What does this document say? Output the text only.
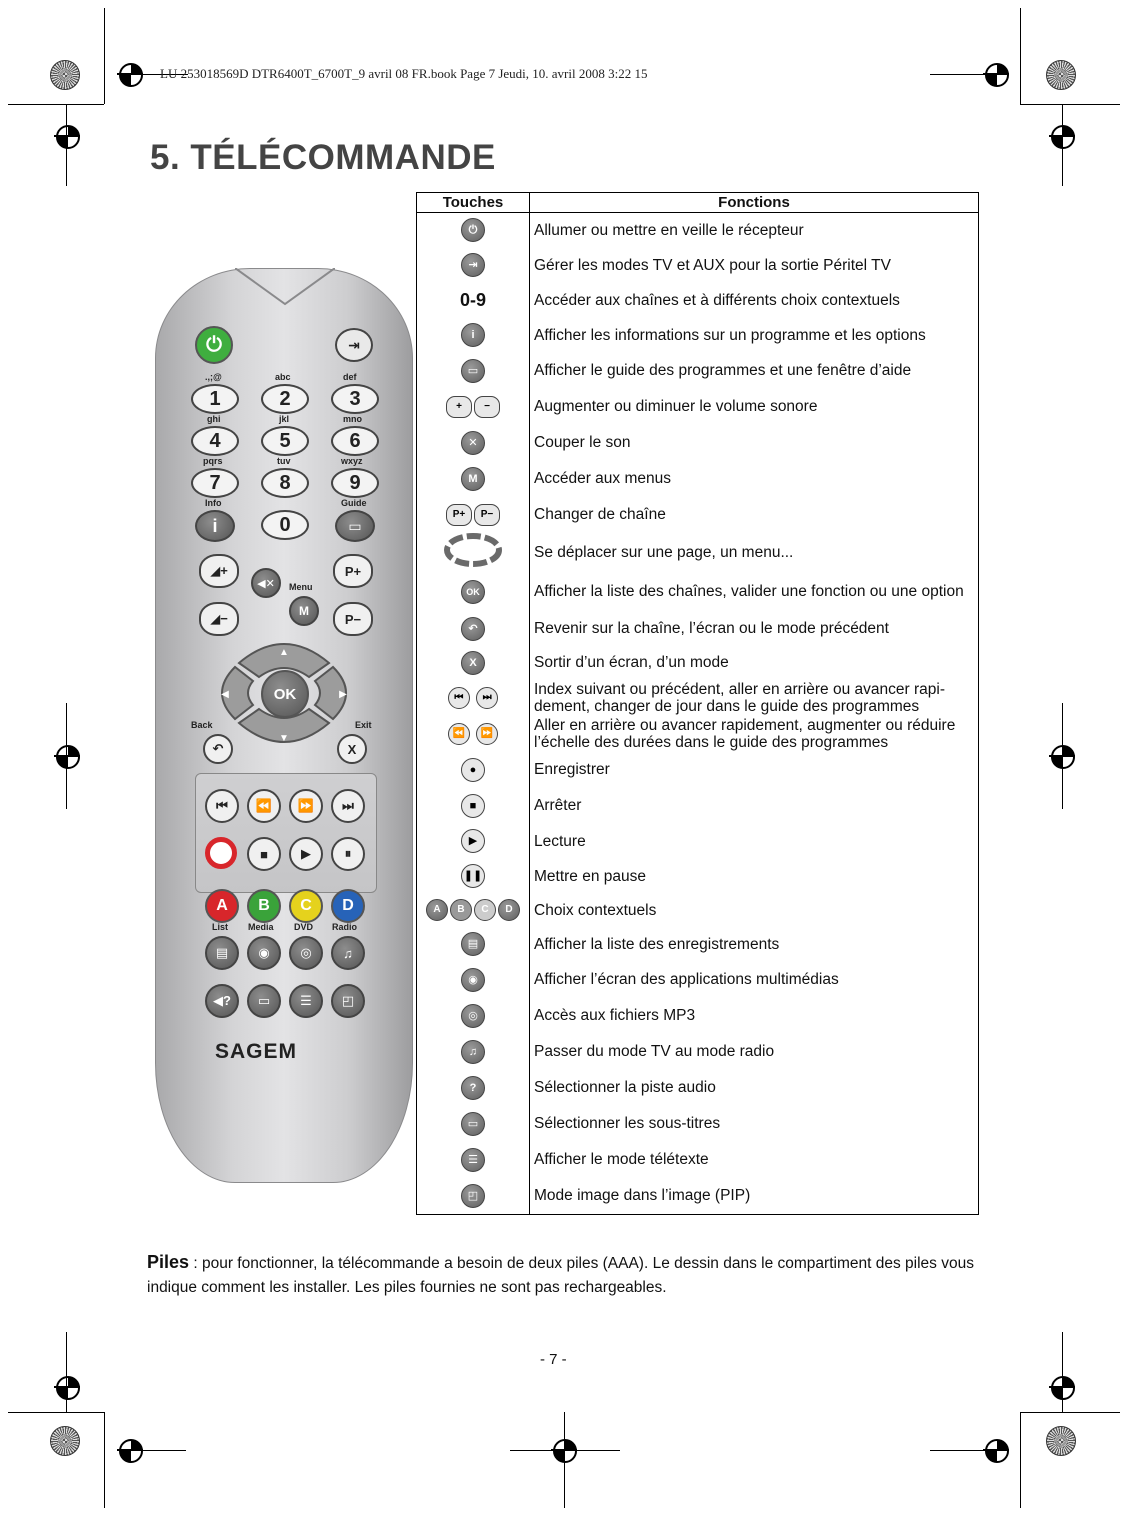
LU 253018569D DTR6400T_6700T_9 avril 08 FR.book Page 7 Jeudi, 10. avril 2008 3:22 15
5. TÉLÉCOMMANDE
⏻	⇥
.,;@	abc	def
1	2	3
ghi	jkl	mno
4	5	6
pqrs	tuv	wxyz
7	8	9
Info	Guide
i	0	▭
◢+
◀✕	Menu
M
P+
◢−	P−
▲
▼
◀	▶
OK
Back	Exit
↶	X
⏮	⏪	⏩	⏭
■	▶	⏸
A	B	C	D
List Media DVD Radio
▤	◉	◎	♫
◀?	▭	☰	◰
SAGEM
Touches	Fonctions
⏻	Allumer ou mettre en veille le récepteur
⇥	Gérer les modes TV et AUX pour la sortie Péritel TV
0-9	Accéder aux chaînes et à différents choix contextuels
i	Afficher les informations sur un programme et les options
▭	Afficher le guide des programmes et une fenêtre d’aide
+ −	Augmenter ou diminuer le volume sonore
✕	Couper le son
M	Accéder aux menus
P+ P−	Changer de chaîne
	Se déplacer sur une page, un menu...
OK	Afficher la liste des chaînes, valider une fonction ou une option
↶	Revenir sur la chaîne, l’écran ou le mode précédent
X	Sortir d’un écran, d’un mode
⏮ ⏭	Index suivant ou précédent, aller en arrière ou avancer rapi-dement, changer de jour dans le guide des programmes
⏪ ⏩	Aller en arrière ou avancer rapidement, augmenter ou réduire l’échelle des durées dans le guide des programmes
●	Enregistrer
■	Arrêter
▶	Lecture
❚❚	Mettre en pause
A B C D	Choix contextuels
▤	Afficher la liste des enregistrements
◉	Afficher l’écran des applications multimédias
◎	Accès aux fichiers MP3
♫	Passer du mode TV au mode radio
?	Sélectionner la piste audio
▭	Sélectionner les sous-titres
☰	Afficher le mode télétexte
◰	Mode image dans l’image (PIP)
Piles : pour fonctionner, la télécommande a besoin de deux piles (AAA). Le dessin dans le compartiment des piles vous indique comment les installer. Les piles fournies ne sont pas rechargeables.
- 7 -
